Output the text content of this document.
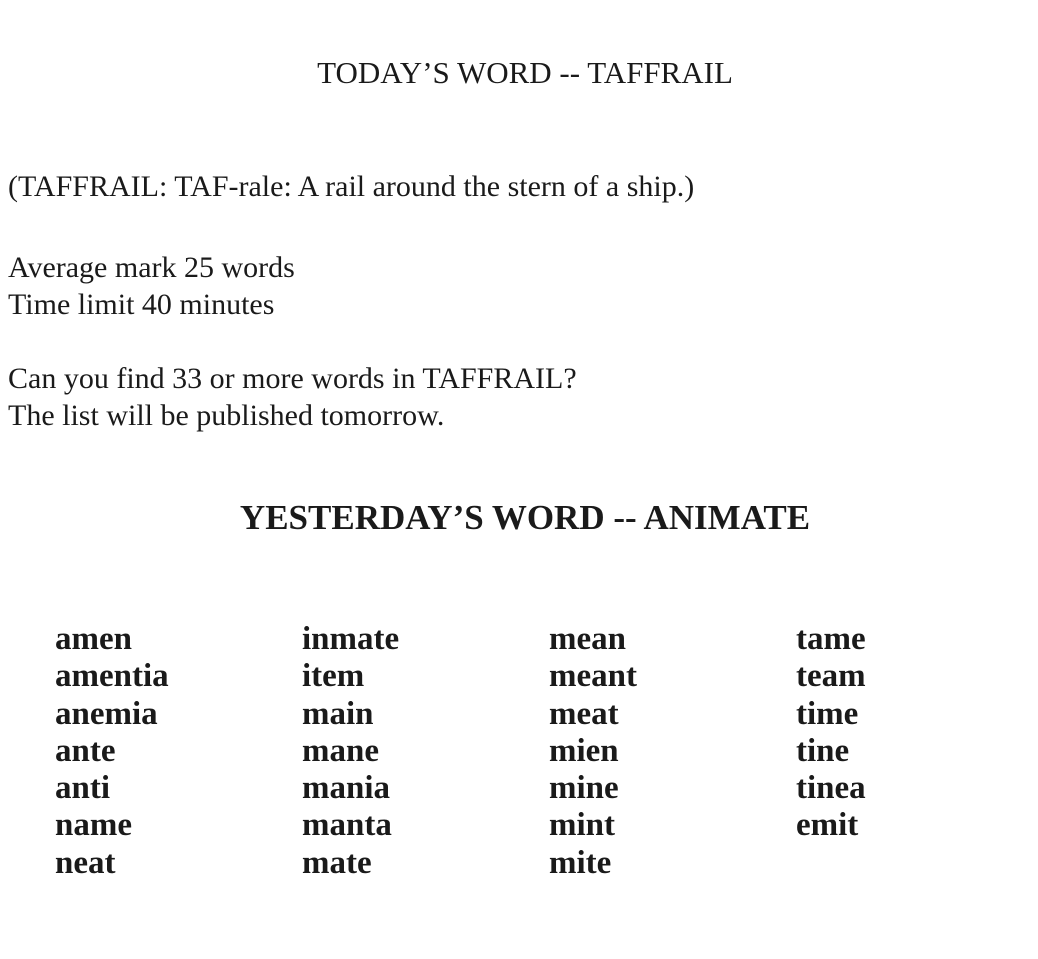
TODAY’S WORD -- TAFFRAIL

(TAFFRAIL: TAF-rale: A rail around the stern of a ship.)

Average mark 25 words
Time limit 40 minutes

Can you find 33 or more words in TAFFRAIL?
The list will be published tomorrow.

YESTERDAY’S WORD -- ANIMATE
amen
amentia
anemia
ante
anti
name
neat
inmate
item
main
mane
mania
manta
mate
mean
meant
meat
mien
mine
mint
mite
tame
team
time
tine
tinea
emit
